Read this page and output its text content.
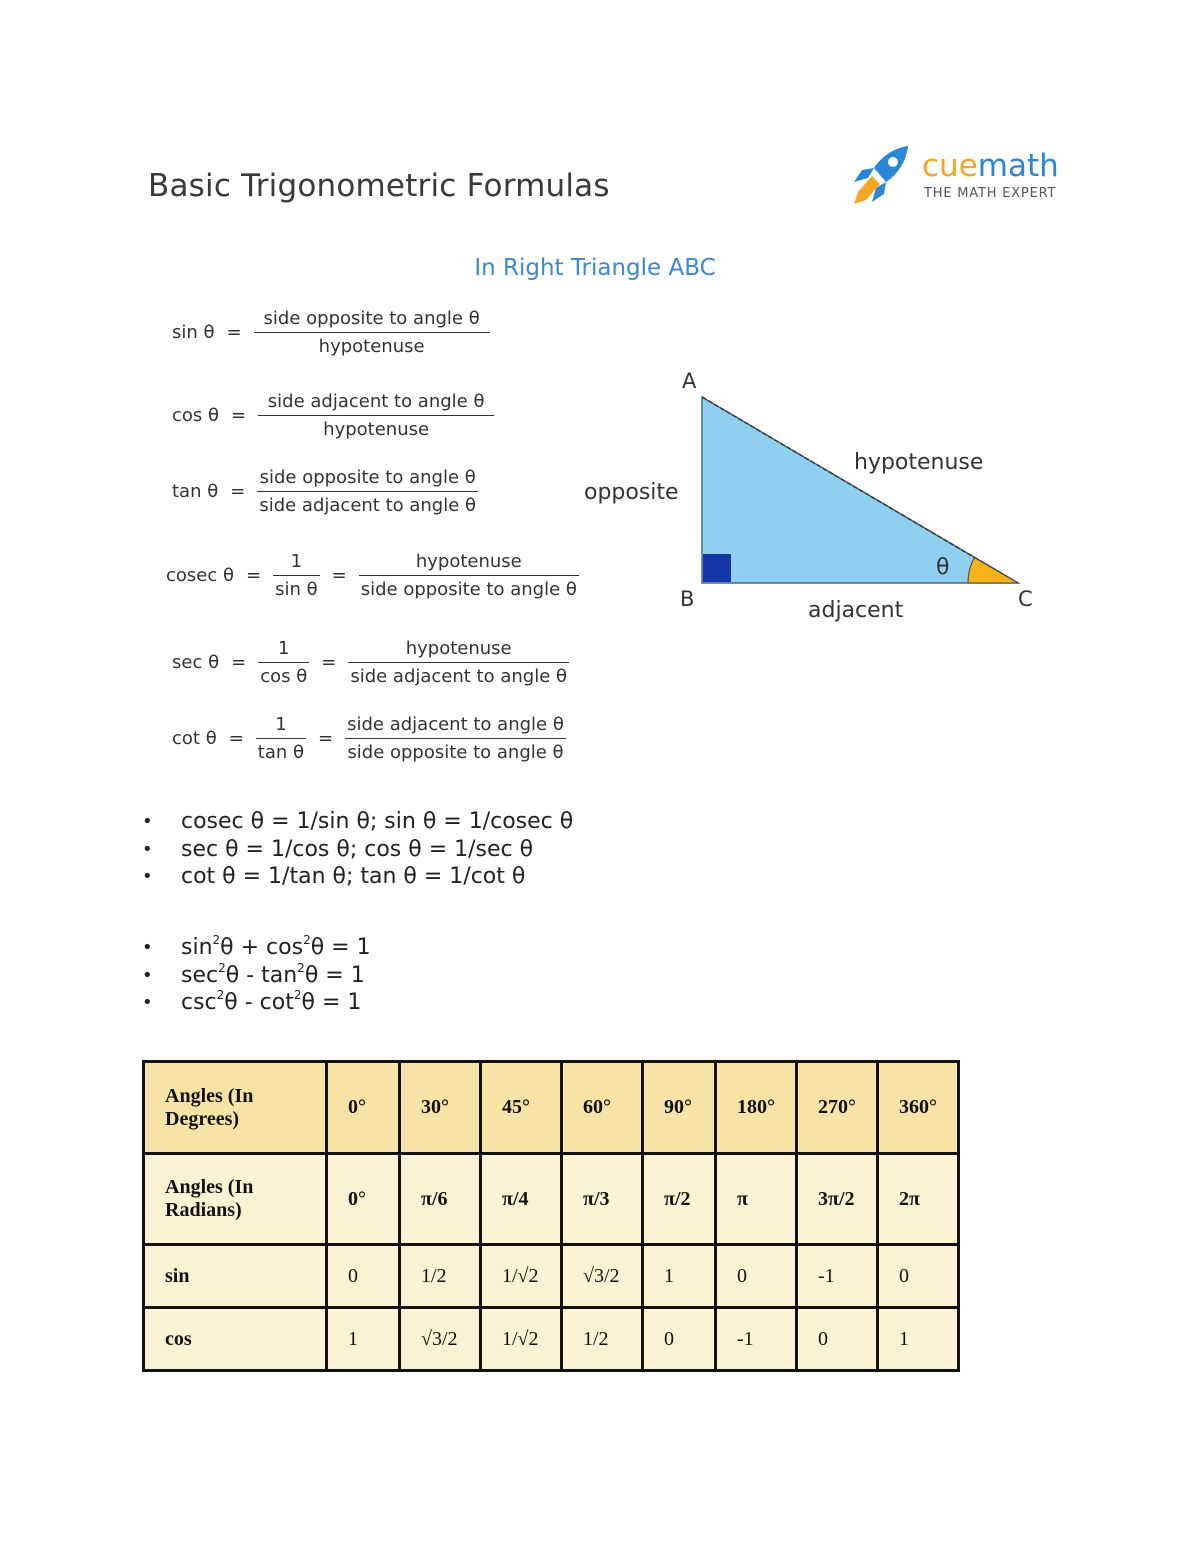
Basic Trigonometric Formulas
cuemath
THE MATH EXPERT
In Right Triangle ABC
$\sin \theta = \frac{\text{side opposite to angle θ}}{\text{hypotenuse}}$
$\cos \theta = \frac{\text{side adjacent to angle θ}}{\text{hypotenuse}}$
$\tan \theta = \frac{\text{side opposite to angle θ}}{\text{side adjacent to angle θ}}$
cosec $\theta = \frac{1}{\text{sin θ}} = \frac{\text{hypotenuse}}{\text{side opposite to angle θ}}$
$\sec \theta = \frac{1}{\text{cos θ}} = \frac{\text{hypotenuse}}{\text{side adjacent to angle θ}}$
$\cot \theta = \frac{1}{\text{tan θ}} = \frac{\text{side adjacent to angle θ}}{\text{side opposite to angle θ}}$
A
B	C
opposite
hypotenuse
adjacent
θ
• cosec θ = 1/sin θ; sin θ = 1/cosec θ
• sec θ = 1/cos θ; cos θ = 1/sec θ
• cot θ = 1/tan θ; tan θ = 1/cot θ
• $\sin^2\theta + \cos^2\theta = 1$
• $\sec^2\theta - \tan^2\theta = 1$
• $\csc^2\theta - \cot^2\theta = 1$
Angles (In Degrees)	0°	30°	45°	60°	90°	180°	270°	360°
Angles (In Radians)	0°	π/6	π/4	π/3	π/2	π	3π/2	2π
sin	0	1/2	1/√2	√3/2	1	0	-1	0
cos	1	√3/2	1/√2	1/2	0	-1	0	1
